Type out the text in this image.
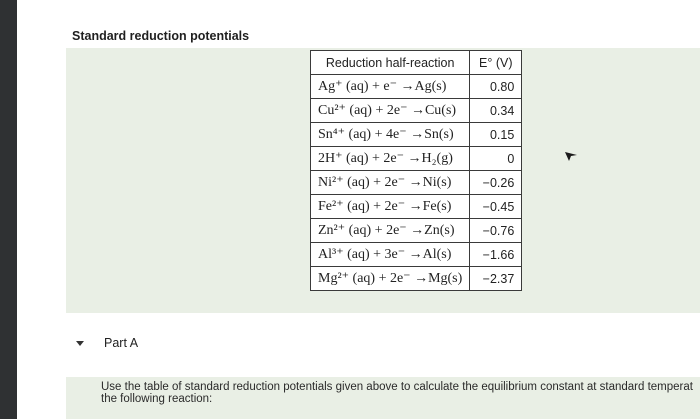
Standard reduction potentials
Reduction half-reaction	E° (V)
Ag⁺ (aq) + e⁻ →Ag(s)	0.80
Cu²⁺ (aq) + 2e⁻ →Cu(s)	0.34
Sn⁴⁺ (aq) + 4e⁻ →Sn(s)	0.15
2H⁺ (aq) + 2e⁻ →H₂(g)	0
Ni²⁺ (aq) + 2e⁻ →Ni(s)	−0.26
Fe²⁺ (aq) + 2e⁻ →Fe(s)	−0.45
Zn²⁺ (aq) + 2e⁻ →Zn(s)	−0.76
Al³⁺ (aq) + 3e⁻ →Al(s)	−1.66
Mg²⁺ (aq) + 2e⁻ →Mg(s)	−2.37
Part A
Use the table of standard reduction potentials given above to calculate the equilibrium constant at standard temperat
the following reaction:
